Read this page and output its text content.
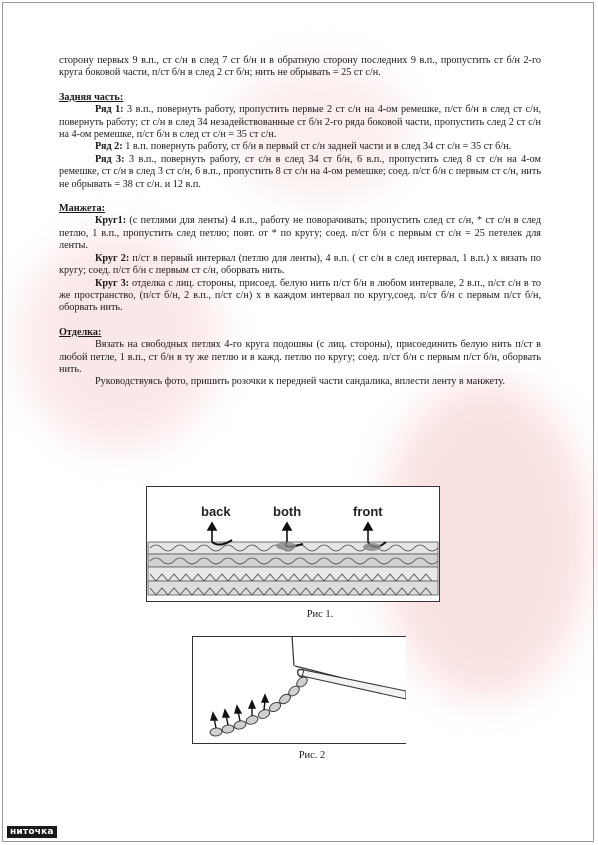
сторону первых 9 в.п., ст с/н в след 7 ст б/н и в обратную сторону последних 9 в.п., пропустить ст б/н 2-го круга боковой части, п/ст б/н в след 2 ст б/н; нить не обрывать = 25 ст с/н.

Задняя часть:

Ряд 1: 3 в.п., повернуть работу, пропустить первые 2 ст с/н на 4-ом ремешке, п/ст б/н в след ст с/н, повернуть работу; ст с/н в след 34 незадействованные ст б/н 2-го ряда боковой части, пропустить след 2 ст с/н на 4-ом ремешке, п/ст б/н в след ст с/н = 35 ст с/н.

Ряд 2: 1 в.п. повернуть работу, ст б/н в первый ст с/н задней части и в след 34 ст с/н = 35 ст б/н.

Ряд 3: 3 в.п., повернуть работу, ст с/н в след 34 ст б/н, 6 в.п., пропустить след 8 ст с/н на 4-ом ремешке, ст с/н в след 3 ст с/н, 6 в.п., пропустить 8 ст с/н на 4-ом ремешке; соед. п/ст б/н с первым ст с/н, нить не обрывать = 38 ст с/н. и 12 в.п.

Манжета:

Круг1: (с петлями для ленты) 4 в.п., работу не поворачивать; пропустить след ст с/н, * ст с/н в след петлю, 1 в.п., пропустить след петлю; повт. от * по кругу; соед. п/ст б/н с первым ст с/н = 25 петелек для ленты.

Круг 2: п/ст в первый интервал (петлю для ленты), 4 в.п. ( ст с/н в след интервал, 1 в.п.) х вязать по кругу; соед. п/ст б/н с первым ст с/н, оборвать нить.

Круг 3: отделка с лиц. стороны, присоед. белую нить п/ст б/н в любом интервале, 2 в.п., п/ст с/н в то же пространство, (п/ст б/н, 2 в.п., п/ст с/н) х в каждом интервал по кругу,соед. п/ст б/н с первым п/ст б/н, оборвать нить.

Отделка:

Вязать на свободных петлях 4-го круга подошвы (с лиц. стороны), присоединить белую нить п/ст в любой петле, 1 в.п., ст б/н в ту же петлю и в кажд. петлю по кругу; соед. п/ст б/н с первым п/ст б/н, оборвать нить.

Руководствуясь фото, пришить розочки к передней части сандалика, вплести ленту в манжету.

back	both	front
Рис 1.
Рис. 2
ниточка
